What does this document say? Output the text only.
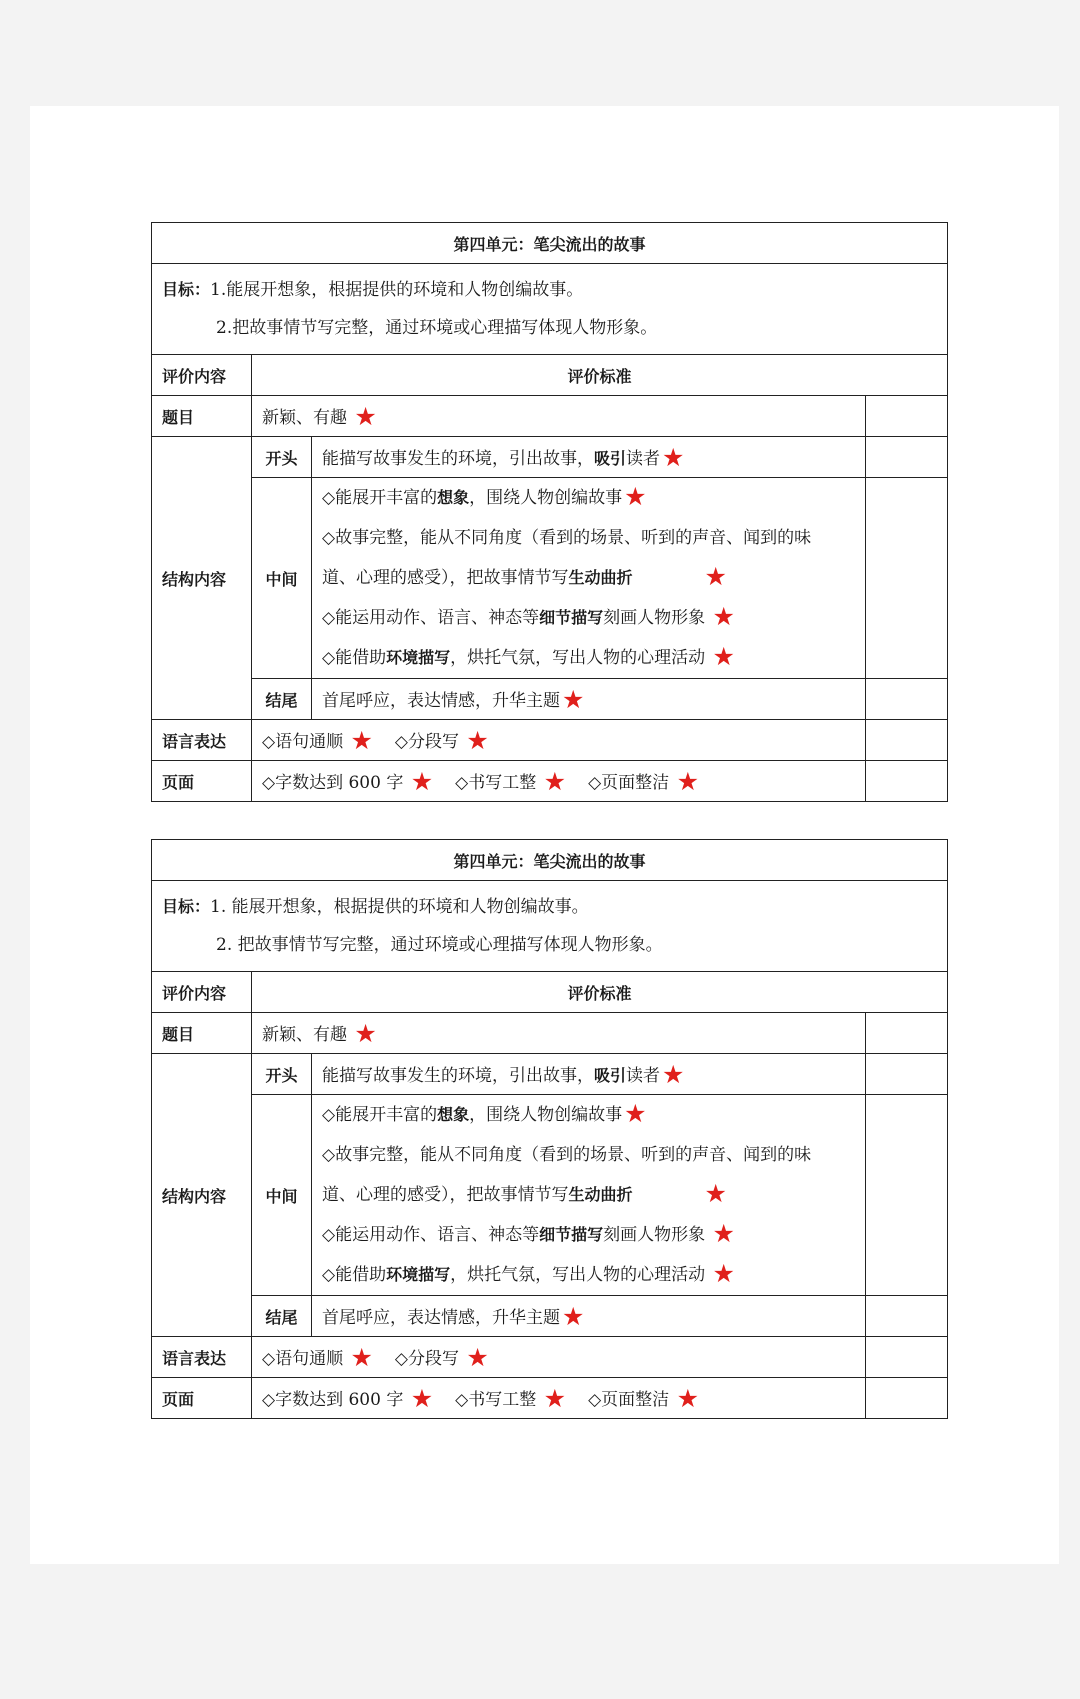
第四单元：笔尖流出的故事			

目标：1.能展开想象，根据提供的环境和人物创编故事。
2.把故事情节写完整，通过环境或心理描写体现人物形象。			

评价内容	评价标准		
题目	新颖、有趣 ★		
结构内容	开头	能描写故事发生的环境，引出故事，吸引读者★	
	中间	◇能展开丰富的想象，围绕人物创编故事★
◇故事完整，能从不同角度（看到的场景、听到的声音、闻到的味
道、心理的感受），把故事情节写生动曲折 ★
◇能运用动作、语言、神态等细节描写刻画人物形象 ★
◇能借助环境描写，烘托气氛，写出人物的心理活动 ★	

	结尾	首尾呼应，表达情感，升华主题★	
语言表达	◇语句通顺 ★ ◇分段写 ★		
页面	◇字数达到 600 字 ★ ◇书写工整 ★ ◇页面整洁 ★		
第四单元：笔尖流出的故事			

目标：1. 能展开想象，根据提供的环境和人物创编故事。
2. 把故事情节写完整，通过环境或心理描写体现人物形象。			

评价内容	评价标准		
题目	新颖、有趣 ★		
结构内容	开头	能描写故事发生的环境，引出故事，吸引读者★	
	中间	◇能展开丰富的想象，围绕人物创编故事★
◇故事完整，能从不同角度（看到的场景、听到的声音、闻到的味
道、心理的感受），把故事情节写生动曲折 ★
◇能运用动作、语言、神态等细节描写刻画人物形象 ★
◇能借助环境描写，烘托气氛，写出人物的心理活动 ★	

	结尾	首尾呼应，表达情感，升华主题★	
语言表达	◇语句通顺 ★ ◇分段写 ★		
页面	◇字数达到 600 字 ★ ◇书写工整 ★ ◇页面整洁 ★		
